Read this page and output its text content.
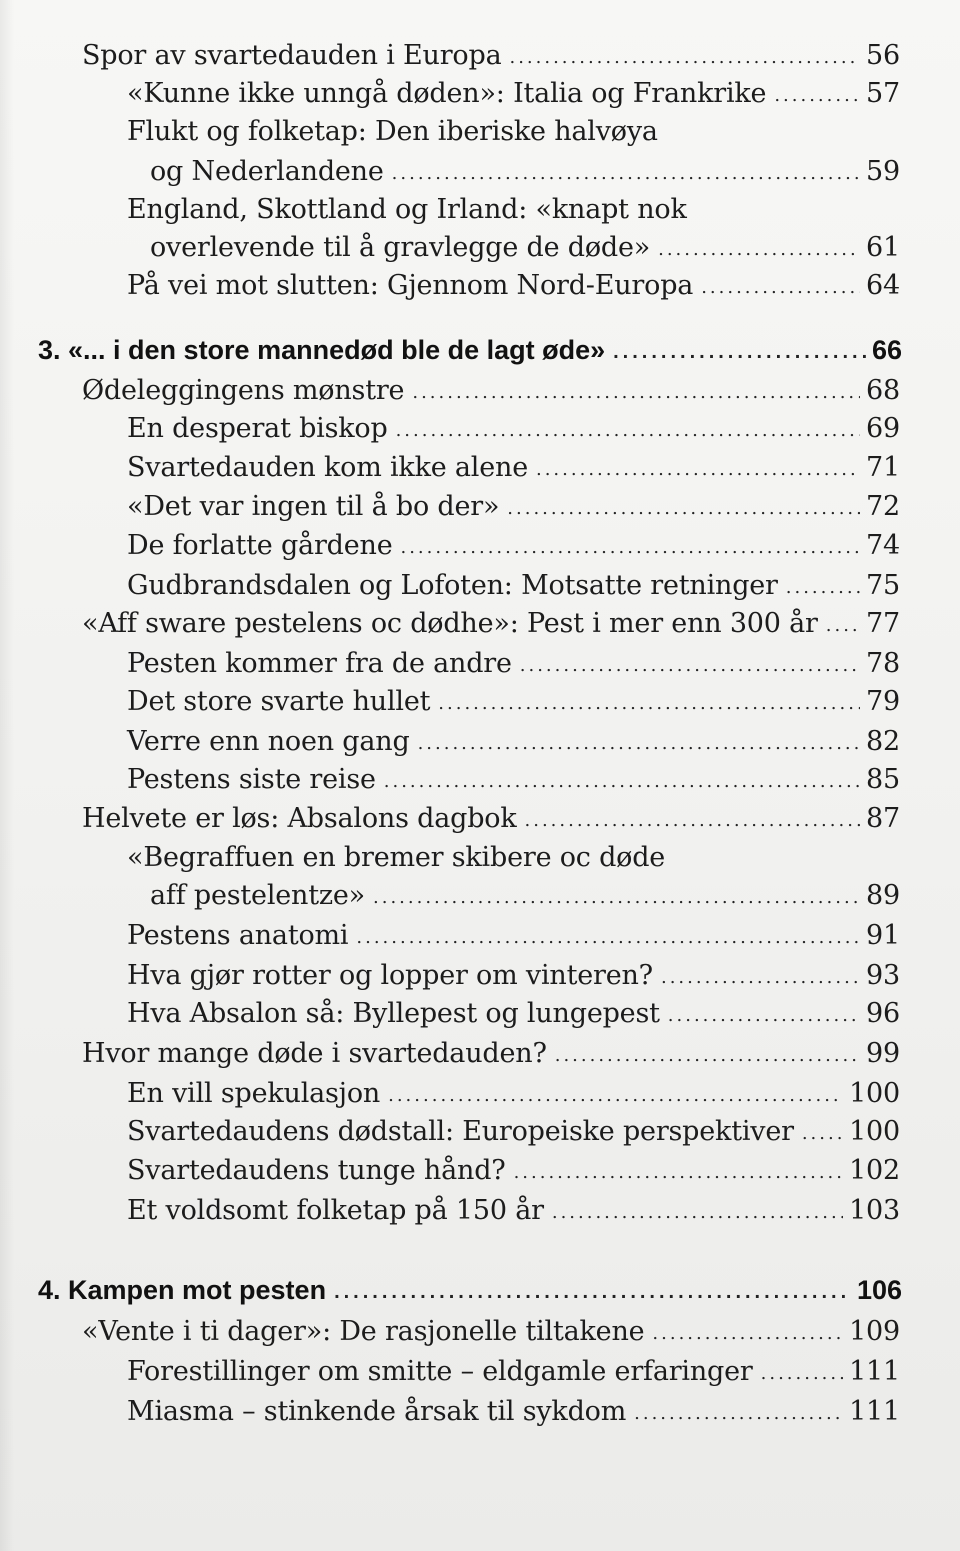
Spor av svartedauden i Europa .....	56
«Kunne ikke unngå døden»: Italia og Frankrike .....	57
Flukt og folketap: Den iberiske halvøya
og Nederlandene .....	59
England, Skottland og Irland: «knapt nok
overlevende til å gravlegge de døde» .....	61
På vei mot slutten: Gjennom Nord-Europa .....	64
3. «... i den store mannedød ble de lagt øde» .....	66
Ødeleggingens mønstre .....	68
En desperat biskop .....	69
Svartedauden kom ikke alene .....	71
«Det var ingen til å bo der» .....	72
De forlatte gårdene .....	74
Gudbrandsdalen og Lofoten: Motsatte retninger .....	75
«Aff sware pestelens oc dødhe»: Pest i mer enn 300 år ..... 77
Pesten kommer fra de andre .....	78
Det store svarte hullet .....	79
Verre enn noen gang .....	82
Pestens siste reise .....	85
Helvete er løs: Absalons dagbok .....	87
«Begraffuen en bremer skibere oc døde
aff pestelentze» .....	89
Pestens anatomi .....	91
Hva gjør rotter og lopper om vinteren? .....	93
Hva Absalon så: Byllepest og lungepest .....	96
Hvor mange døde i svartedauden? .....	99
En vill spekulasjon .....	100
Svartedaudens dødstall: Europeiske perspektiver ..... 100
Svartedaudens tunge hånd? .....	102
Et voldsomt folketap på 150 år .....	103
4. Kampen mot pesten .....	106
«Vente i ti dager»: De rasjonelle tiltakene .....	109
Forestillinger om smitte – eldgamle erfaringer .....	111
Miasma – stinkende årsak til sykdom .....	111
